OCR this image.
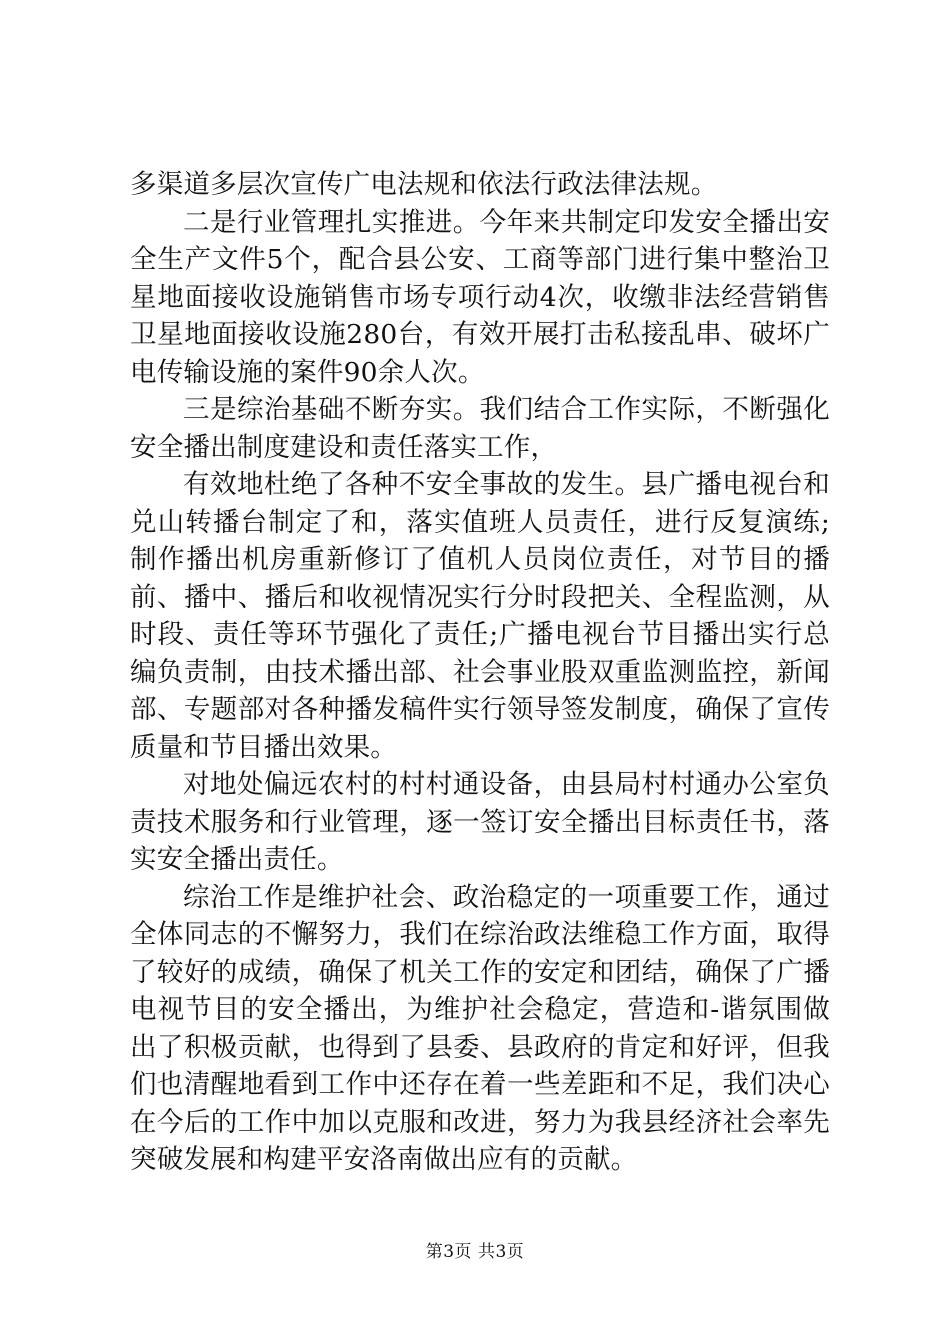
多渠道多层次宣传广电法规和依法行政法律法规。

二是行业管理扎实推进。今年来共制定印发安全播出安全生产文件5个，配合县公安、工商等部门进行集中整治卫星地面接收设施销售市场专项行动4次，收缴非法经营销售卫星地面接收设施280台，有效开展打击私接乱串、破坏广电传输设施的案件90余人次。

三是综治基础不断夯实。我们结合工作实际，不断强化安全播出制度建设和责任落实工作，

有效地杜绝了各种不安全事故的发生。县广播电视台和兑山转播台制定了和，落实值班人员责任，进行反复演练;制作播出机房重新修订了值机人员岗位责任，对节目的播前、播中、播后和收视情况实行分时段把关、全程监测，从时段、责任等环节强化了责任;广播电视台节目播出实行总编负责制，由技术播出部、社会事业股双重监测监控，新闻部、专题部对各种播发稿件实行领导签发制度，确保了宣传质量和节目播出效果。

对地处偏远农村的村村通设备，由县局村村通办公室负责技术服务和行业管理，逐一签订安全播出目标责任书，落实安全播出责任。

综治工作是维护社会、政治稳定的一项重要工作，通过全体同志的不懈努力，我们在综治政法维稳工作方面，取得了较好的成绩，确保了机关工作的安定和团结，确保了广播电视节目的安全播出，为维护社会稳定，营造和-谐氛围做出了积极贡献，也得到了县委、县政府的肯定和好评，但我们也清醒地看到工作中还存在着一些差距和不足，我们决心在今后的工作中加以克服和改进，努力为我县经济社会率先突破发展和构建平安洛南做出应有的贡献。

第3页 共3页
